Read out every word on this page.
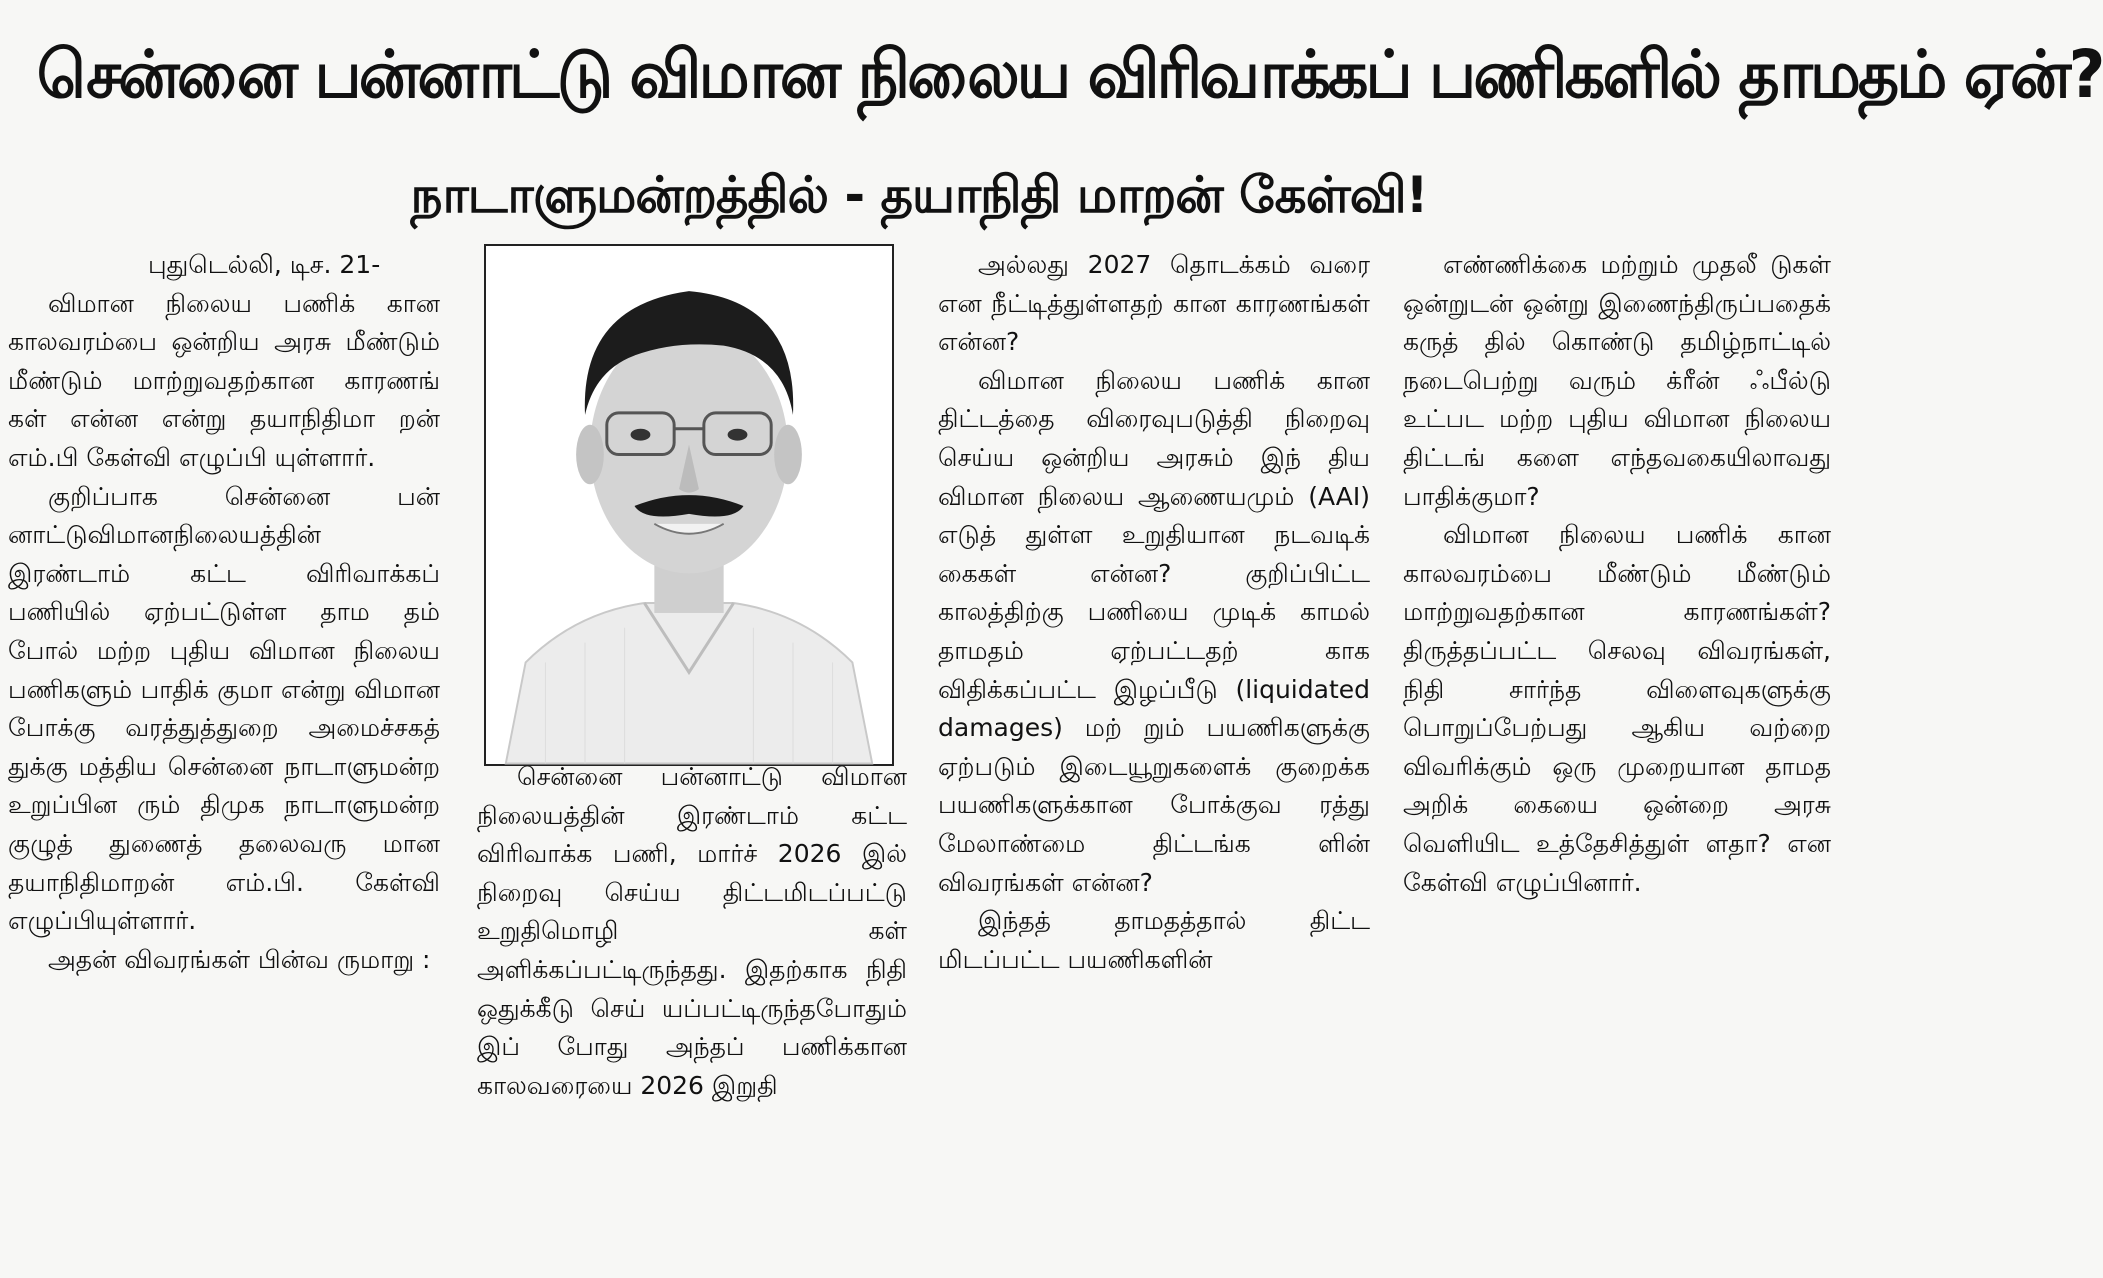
சென்னை பன்னாட்டு விமான நிலைய விரிவாக்கப் பணிகளில் தாமதம் ஏன்?
நாடாளுமன்றத்தில் - தயாநிதி மாறன் கேள்வி!

புதுடெல்லி, டிச. 21-

விமான நிலைய பணிக் கான காலவரம்பை ஒன்றிய அரசு மீண்டும் மீண்டும் மாற்றுவதற்கான காரணங் கள் என்ன என்று தயாநிதிமா றன் எம்.பி கேள்வி எழுப்பி யுள்ளார்.

குறிப்பாக சென்னை பன் னாட்டுவிமானநிலையத்தின் இரண்டாம் கட்ட விரிவாக்கப் பணியில் ஏற்பட்டுள்ள தாம தம் போல் மற்ற புதிய விமான நிலைய பணிகளும் பாதிக் குமா என்று விமான போக்கு வரத்துத்துறை அமைச்சகத் துக்கு மத்திய சென்னை நாடாளுமன்ற உறுப்பின ரும் திமுக நாடாளுமன்ற குழுத் துணைத் தலைவரு மான தயாநிதிமாறன் எம்.பி. கேள்வி எழுப்பியுள்ளார்.

அதன் விவரங்கள் பின்வ ருமாறு :

சென்னை பன்னாட்டு விமான நிலையத்தின் இரண்டாம் கட்ட விரிவாக்க பணி, மார்ச் 2026 இல் நிறைவு செய்ய திட்டமிடப்பட்டு உறுதிமொழி கள் அளிக்கப்பட்டிருந்தது. இதற்காக நிதி ஒதுக்கீடு செய் யப்பட்டிருந்தபோதும் இப் போது அந்தப் பணிக்கான காலவரையை 2026 இறுதி

அல்லது 2027 தொடக்கம் வரை என நீட்டித்துள்ளதற் கான காரணங்கள் என்ன?

விமான நிலைய பணிக் கான திட்டத்தை விரைவுபடுத்தி நிறைவு செய்ய ஒன்றிய அரசும் இந் திய விமான நிலைய ஆணையமும் (AAI) எடுத் துள்ள உறுதியான நடவடிக் கைகள் என்ன? குறிப்பிட்ட காலத்திற்கு பணியை முடிக் காமல் தாமதம் ஏற்பட்டதற் காக விதிக்கப்பட்ட இழப்பீடு (liquidated damages) மற் றும் பயணிகளுக்கு ஏற்படும் இடையூறுகளைக் குறைக்க பயணிகளுக்கான போக்குவ ரத்து மேலாண்மை திட்டங்க ளின் விவரங்கள் என்ன?

இந்தத் தாமதத்தால் திட்ட மிடப்பட்ட பயணிகளின்

எண்ணிக்கை மற்றும் முதலீ டுகள் ஒன்றுடன் ஒன்று இணைந்திருப்பதைக் கருத் தில் கொண்டு தமிழ்நாட்டில் நடைபெற்று வரும் க்ரீன் ஃபீல்டு உட்பட மற்ற புதிய விமான நிலைய திட்டங் களை எந்தவகையிலாவது பாதிக்குமா?

விமான நிலைய பணிக் கான காலவரம்பை மீண்டும் மீண்டும் மாற்றுவதற்கான காரணங்கள்? திருத்தப்பட்ட செலவு விவரங்கள், நிதி சார்ந்த விளைவுகளுக்கு பொறுப்பேற்பது ஆகிய வற்றை விவரிக்கும் ஒரு முறையான தாமத அறிக் கையை ஒன்றை அரசு வெளியிட உத்தேசித்துள் ளதா? என கேள்வி எழுப்பினார்.
